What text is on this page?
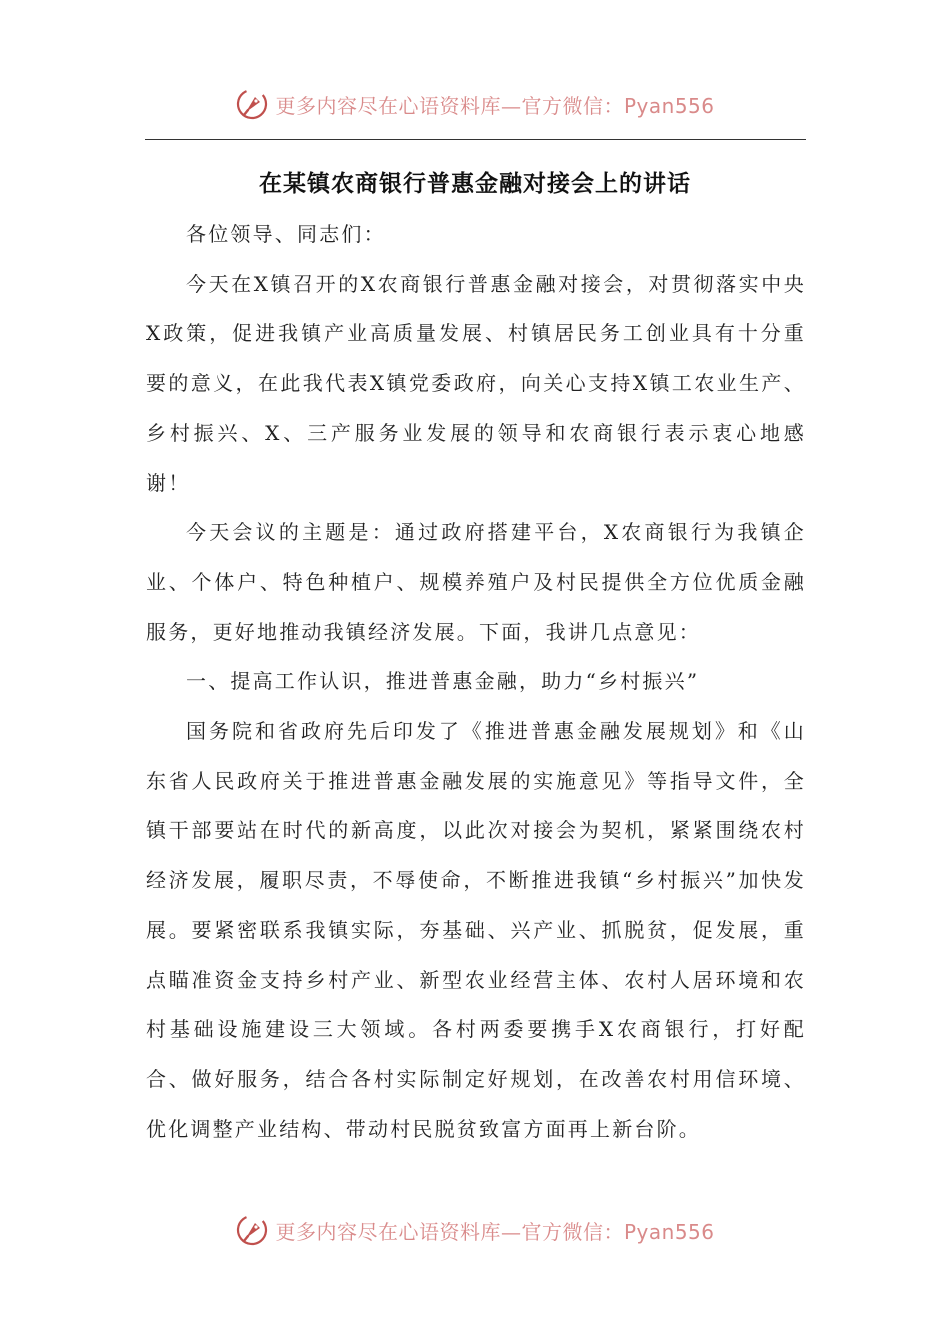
更多内容尽在心语资料库—官方微信：Pyan556
在某镇农商银行普惠金融对接会上的讲话

各位领导、同志们：

今天在X镇召开的X农商银行普惠金融对接会，对贯彻落实中央X政策，促进我镇产业高质量发展、村镇居民务工创业具有十分重要的意义，在此我代表X镇党委政府，向关心支持X镇工农业生产、乡村振兴、X、三产服务业发展的领导和农商银行表示衷心地感谢！

今天会议的主题是：通过政府搭建平台，X农商银行为我镇企业、个体户、特色种植户、规模养殖户及村民提供全方位优质金融服务，更好地推动我镇经济发展。下面，我讲几点意见：

一、提高工作认识，推进普惠金融，助力“乡村振兴”

国务院和省政府先后印发了《推进普惠金融发展规划》和《山东省人民政府关于推进普惠金融发展的实施意见》等指导文件，全镇干部要站在时代的新高度，以此次对接会为契机，紧紧围绕农村经济发展，履职尽责，不辱使命，不断推进我镇“乡村振兴”加快发展。要紧密联系我镇实际，夯基础、兴产业、抓脱贫，促发展，重点瞄准资金支持乡村产业、新型农业经营主体、农村人居环境和农村基础设施建设三大领域。各村两委要携手X农商银行，打好配合、做好服务，结合各村实际制定好规划，在改善农村用信环境、优化调整产业结构、带动村民脱贫致富方面再上新台阶。

更多内容尽在心语资料库—官方微信：Pyan556
